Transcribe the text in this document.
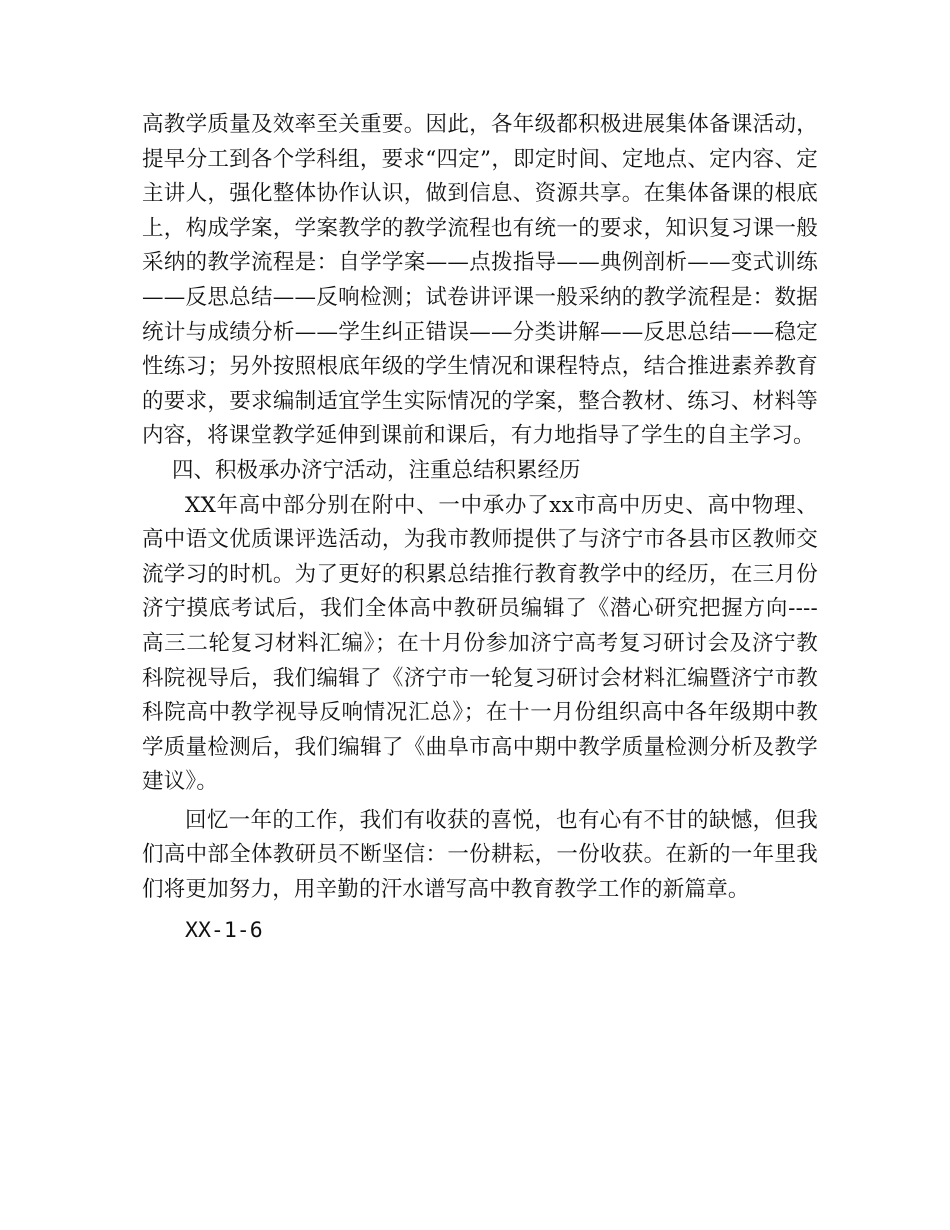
高教学质量及效率至关重要。因此，各年级都积极进展集体备课活动，提早分工到各个学科组，要求“四定”，即定时间、定地点、定内容、定主讲人，强化整体协作认识，做到信息、资源共享。在集体备课的根底上，构成学案，学案教学的教学流程也有统一的要求，知识复习课一般采纳的教学流程是：自学学案——点拨指导——典例剖析——变式训练——反思总结——反响检测；试卷讲评课一般采纳的教学流程是：数据统计与成绩分析——学生纠正错误——分类讲解——反思总结——稳定性练习；另外按照根底年级的学生情况和课程特点，结合推进素养教育的要求，要求编制适宜学生实际情况的学案，整合教材、练习、材料等内容，将课堂教学延伸到课前和课后，有力地指导了学生的自主学习。

四、积极承办济宁活动，注重总结积累经历

XX年高中部分别在附中、一中承办了xx市高中历史、高中物理、高中语文优质课评选活动，为我市教师提供了与济宁市各县市区教师交流学习的时机。为了更好的积累总结推行教育教学中的经历，在三月份济宁摸底考试后，我们全体高中教研员编辑了《潜心研究把握方向----高三二轮复习材料汇编》；在十月份参加济宁高考复习研讨会及济宁教科院视导后，我们编辑了《济宁市一轮复习研讨会材料汇编暨济宁市教科院高中教学视导反响情况汇总》；在十一月份组织高中各年级期中教学质量检测后，我们编辑了《曲阜市高中期中教学质量检测分析及教学建议》。

回忆一年的工作，我们有收获的喜悦，也有心有不甘的缺憾，但我们高中部全体教研员不断坚信：一份耕耘，一份收获。在新的一年里我们将更加努力，用辛勤的汗水谱写高中教育教学工作的新篇章。

XX-1-6
